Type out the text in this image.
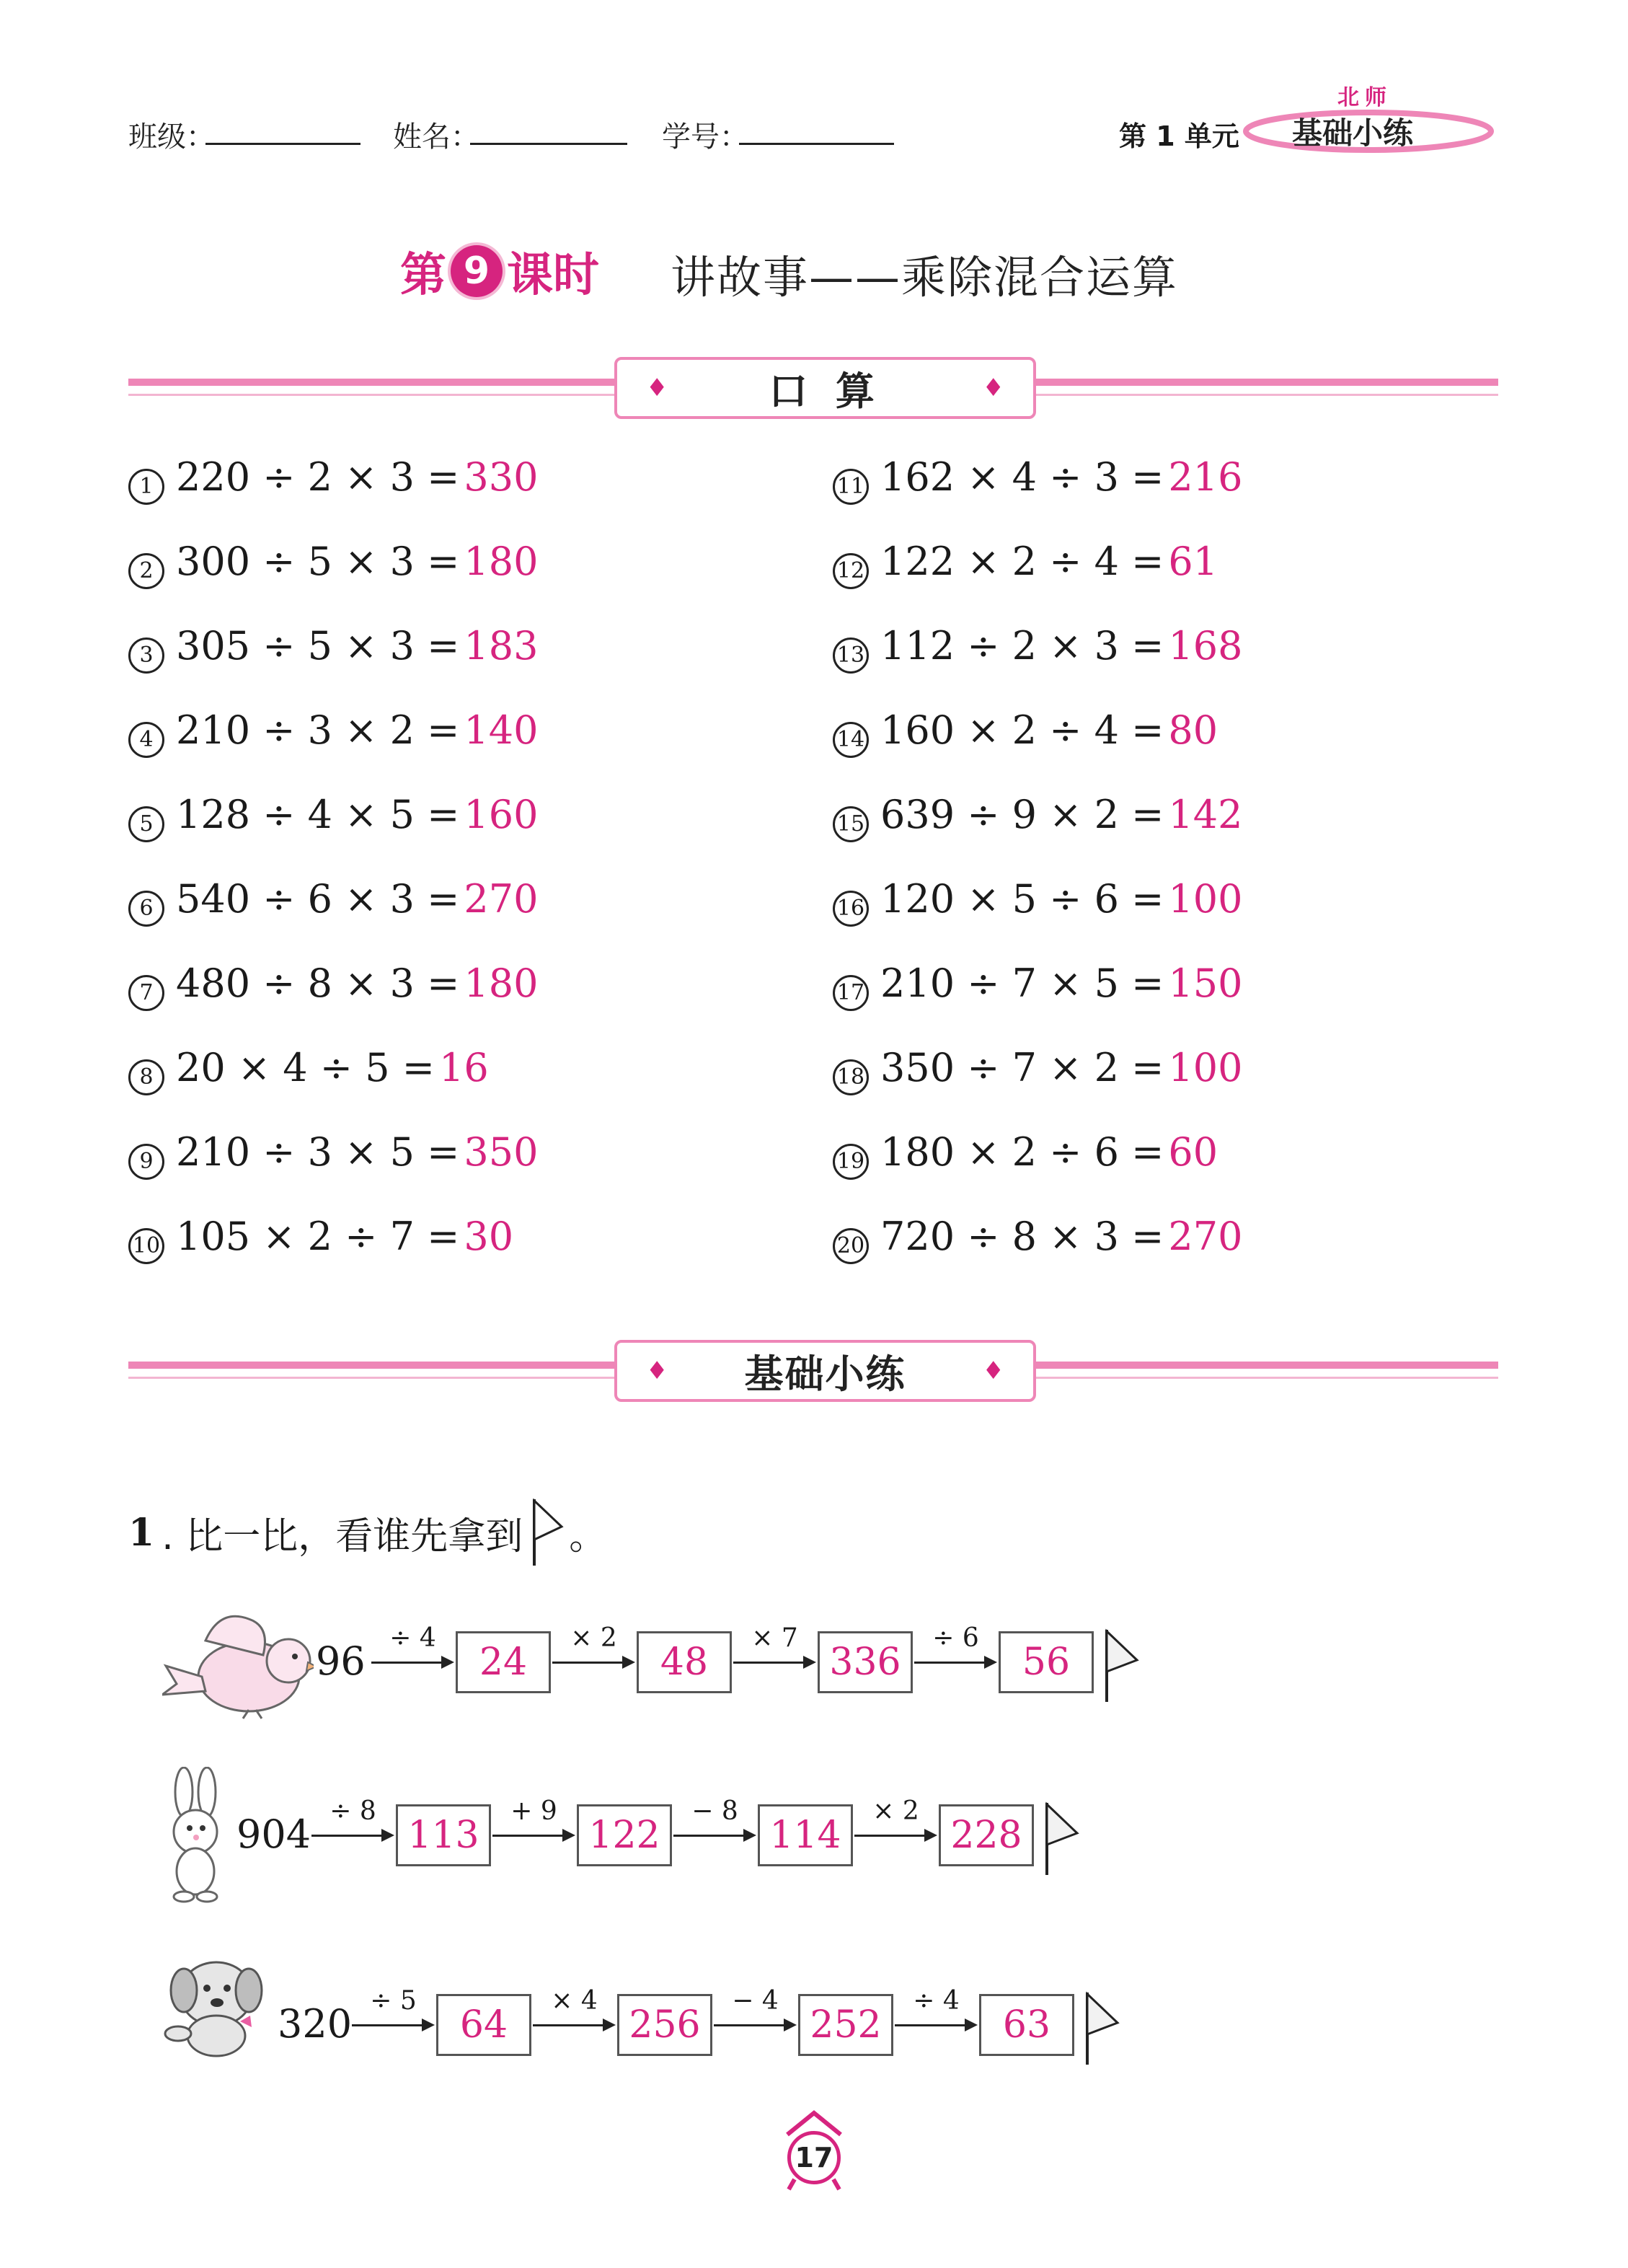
班级：	姓名：	学号：	第 1 单元
北师
基础小练
第 9 课时 讲故事——乘除混合运算
♦	口 算	♦
1 220 ÷ 2 × 3 = 330
2 300 ÷ 5 × 3 = 180
3 305 ÷ 5 × 3 = 183
4 210 ÷ 3 × 2 = 140
5 128 ÷ 4 × 5 = 160
6 540 ÷ 6 × 3 = 270
7 480 ÷ 8 × 3 = 180
8 20 × 4 ÷ 5 = 16
9 210 ÷ 3 × 5 = 350
10 105 × 2 ÷ 7 = 30
11 162 × 4 ÷ 3 = 216
12 122 × 2 ÷ 4 = 61
13 112 ÷ 2 × 3 = 168
14 160 × 2 ÷ 4 = 80
15 639 ÷ 9 × 2 = 142
16 120 × 5 ÷ 6 = 100
17 210 ÷ 7 × 5 = 150
18 350 ÷ 7 × 2 = 100
19 180 × 2 ÷ 6 = 60
20 720 ÷ 8 × 3 = 270
♦ 基础小练	♦
1 . 比一比，看谁先拿到 。
96
÷ 4
24
× 2
48
× 7
336
÷ 6
56
904
÷ 8
113
+ 9
122
− 8
114
× 2
228
320
÷ 5
64
× 4
256
− 4
252
÷ 4
63
17
